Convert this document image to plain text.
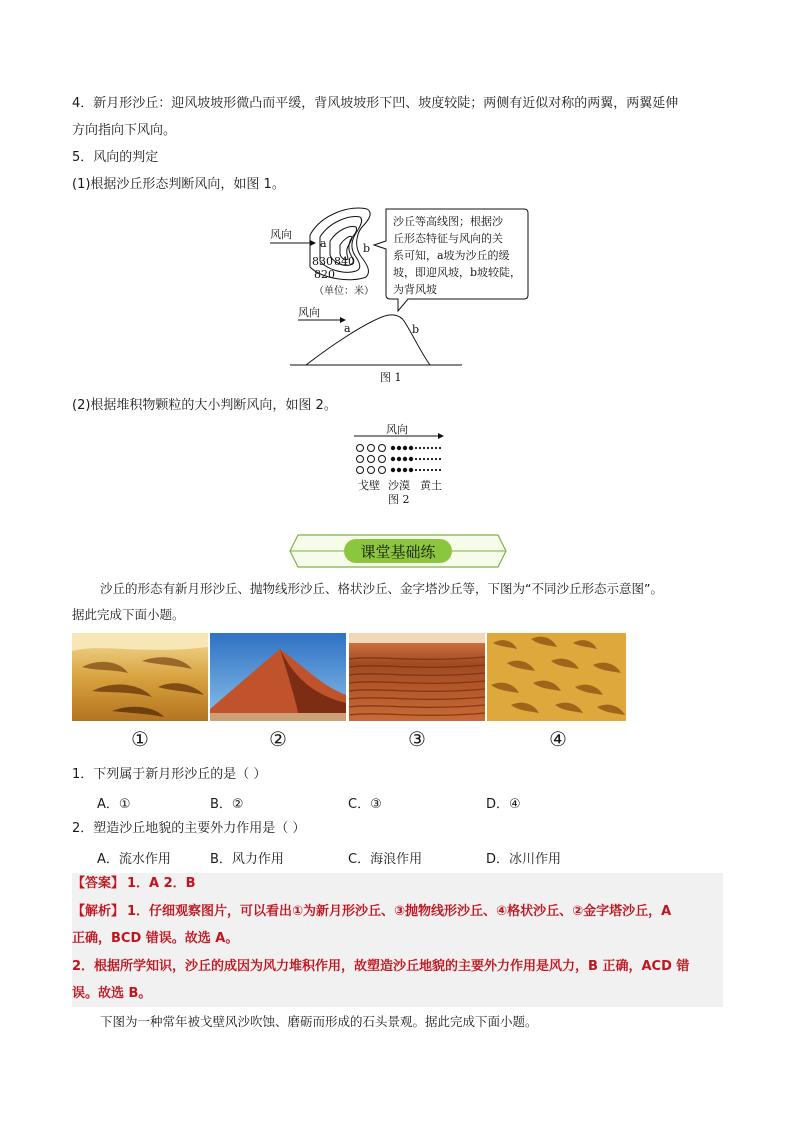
4．新月形沙丘：迎风坡坡形微凸而平缓，背风坡坡形下凹、坡度较陡；两侧有近似对称的两翼，两翼延伸
方向指向下风向。
5．风向的判定
(1)根据沙丘形态判断风向，如图 1。
风向
a	b
830 840
820
（单位：米）
沙丘等高线图；根据沙
丘形态特征与风向的关
系可知，a坡为沙丘的缓
坡，即迎风坡，b坡较陡，
为背风坡
风向
a	b
图 1
(2)根据堆积物颗粒的大小判断风向，如图 2。
风向
戈壁 沙漠 黄土
图 2
课堂基础练
沙丘的形态有新月形沙丘、抛物线形沙丘、格状沙丘、金字塔沙丘等，下图为“不同沙丘形态示意图”。
据此完成下面小题。
①	②	③	④
1．下列属于新月形沙丘的是（ ）
A．①	B．②	C．③	D．④
2．塑造沙丘地貌的主要外力作用是（ ）
A．流水作用	B．风力作用	C．海浪作用	D．冰川作用
【答案】 1．A 2．B
【解析】 1．仔细观察图片，可以看出①为新月形沙丘、③抛物线形沙丘、④格状沙丘、②金字塔沙丘，A
正确，BCD 错误。故选 A。
2．根据所学知识，沙丘的成因为风力堆积作用，故塑造沙丘地貌的主要外力作用是风力，B 正确，ACD 错
误。故选 B。
下图为一种常年被戈壁风沙吹蚀、磨砺而形成的石头景观。据此完成下面小题。
